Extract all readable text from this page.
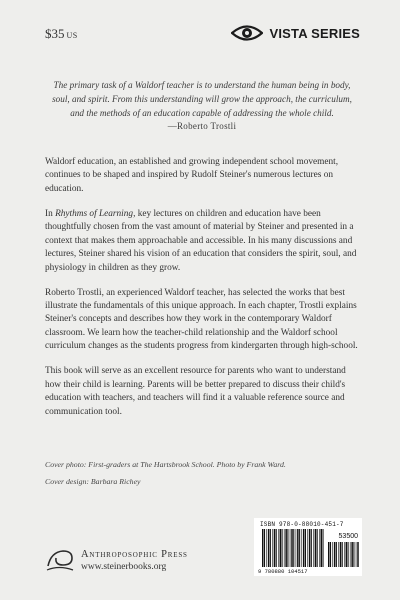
$35 US	VISTA SERIES

The primary task of a Waldorf teacher is to understand the human being in body, soul, and spirit. From this understanding will grow the approach, the curriculum, and the methods of an education capable of addressing the whole child.

—Roberto Trostli

Waldorf education, an established and growing independent school movement, continues to be shaped and inspired by Rudolf Steiner's numerous lectures on education.

In Rhythms of Learning, key lectures on children and education have been thoughtfully chosen from the vast amount of material by Steiner and presented in a context that makes them approachable and accessible. In his many discussions and lectures, Steiner shared his vision of an education that considers the spirit, soul, and physiology in children as they grow.

Roberto Trostli, an experienced Waldorf teacher, has selected the works that best illustrate the fundamentals of this unique approach. In each chapter, Trostli explains Steiner's concepts and describes how they work in the contemporary Waldorf classroom. We learn how the teacher-child relationship and the Waldorf school curriculum changes as the students progress from kindergarten through high-school.

This book will serve as an excellent resource for parents who want to understand how their child is learning. Parents will be better prepared to discuss their child's education with teachers, and teachers will find it a valuable reference source and communication tool.

Cover photo: First-graders at The Hartsbrook School. Photo by Frank Ward.
Cover design: Barbara Richey
Anthroposophic Press
www.steinerbooks.org
ISBN 978-0-88010-451-7
53500
9 780880 104517
